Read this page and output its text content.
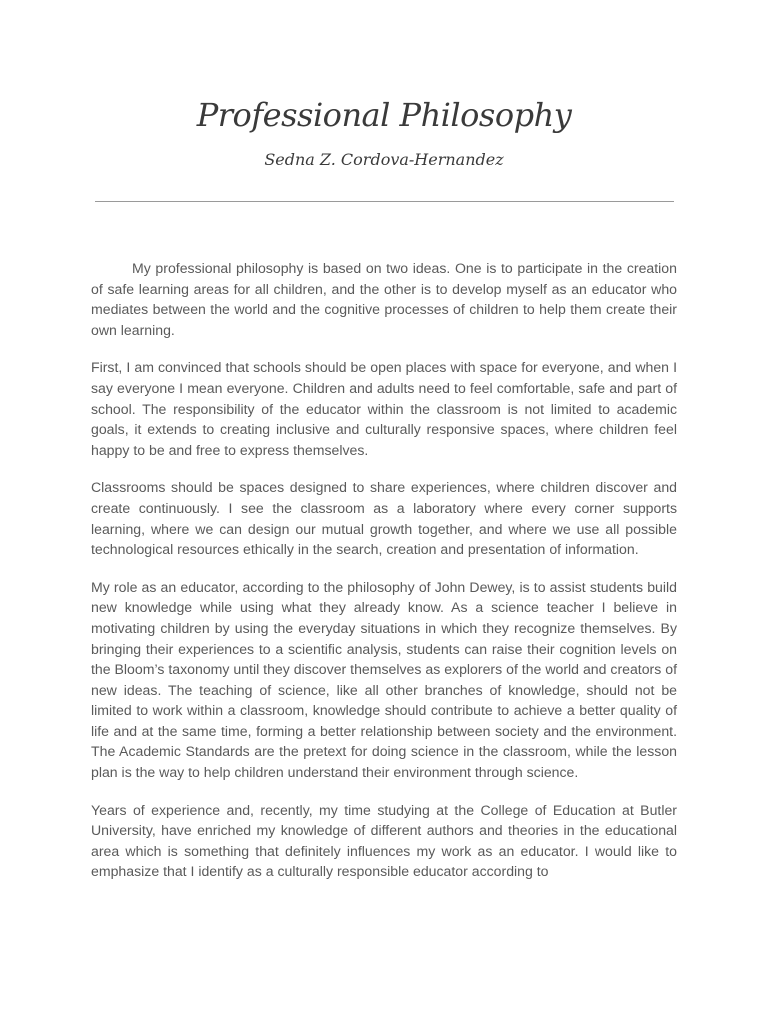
Professional Philosophy
Sedna Z. Cordova-Hernandez

My professional philosophy is based on two ideas. One is to participate in the creation of safe learning areas for all children, and the other is to develop myself as an educator who mediates between the world and the cognitive processes of children to help them create their own learning.

First, I am convinced that schools should be open places with space for everyone, and when I say everyone I mean everyone. Children and adults need to feel comfortable, safe and part of school. The responsibility of the educator within the classroom is not limited to academic goals, it extends to creating inclusive and culturally responsive spaces, where children feel happy to be and free to express themselves.

Classrooms should be spaces designed to share experiences, where children discover and create continuously. I see the classroom as a laboratory where every corner supports learning, where we can design our mutual growth together, and where we use all possible technological resources ethically in the search, creation and presentation of information.

My role as an educator, according to the philosophy of John Dewey, is to assist students build new knowledge while using what they already know. As a science teacher I believe in motivating children by using the everyday situations in which they recognize themselves. By bringing their experiences to a scientific analysis, students can raise their cognition levels on the Bloom’s taxonomy until they discover themselves as explorers of the world and creators of new ideas. The teaching of science, like all other branches of knowledge, should not be limited to work within a classroom, knowledge should contribute to achieve a better quality of life and at the same time, forming a better relationship between society and the environment. The Academic Standards are the pretext for doing science in the classroom, while the lesson plan is the way to help children understand their environment through science.

Years of experience and, recently, my time studying at the College of Education at Butler University, have enriched my knowledge of different authors and theories in the educational area which is something that definitely influences my work as an educator. I would like to emphasize that I identify as a culturally responsible educator according to
